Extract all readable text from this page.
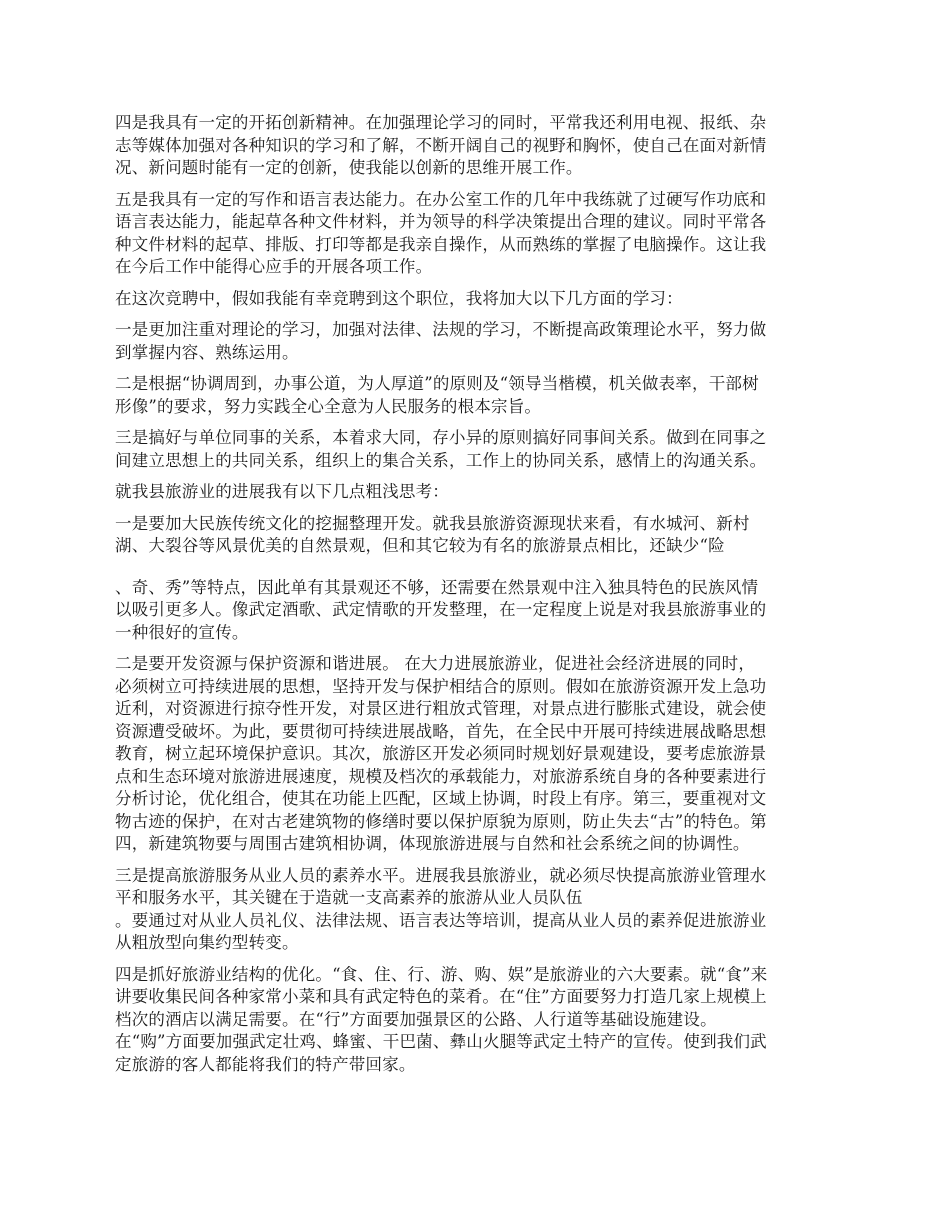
四是我具有一定的开拓创新精神。在加强理论学习的同时，平常我还利用电视、报纸、杂
志等媒体加强对各种知识的学习和了解，不断开阔自己的视野和胸怀，使自己在面对新情
况、新问题时能有一定的创新，使我能以创新的思维开展工作。
五是我具有一定的写作和语言表达能力。在办公室工作的几年中我练就了过硬写作功底和
语言表达能力，能起草各种文件材料，并为领导的科学决策提出合理的建议。同时平常各
种文件材料的起草、排版、打印等都是我亲自操作，从而熟练的掌握了电脑操作。这让我
在今后工作中能得心应手的开展各项工作。
在这次竞聘中，假如我能有幸竞聘到这个职位，我将加大以下几方面的学习：
一是更加注重对理论的学习，加强对法律、法规的学习，不断提高政策理论水平，努力做
到掌握内容、熟练运用。
二是根据“协调周到，办事公道，为人厚道”的原则及“领导当楷模，机关做表率，干部树
形像”的要求，努力实践全心全意为人民服务的根本宗旨。
三是搞好与单位同事的关系，本着求大同，存小异的原则搞好同事间关系。做到在同事之
间建立思想上的共同关系，组织上的集合关系，工作上的协同关系，感情上的沟通关系。
就我县旅游业的进展我有以下几点粗浅思考：
一是要加大民族传统文化的挖掘整理开发。就我县旅游资源现状来看，有水城河、新村
湖、大裂谷等风景优美的自然景观，但和其它较为有名的旅游景点相比，还缺少“险
、奇、秀”等特点，因此单有其景观还不够，还需要在然景观中注入独具特色的民族风情
以吸引更多人。像武定酒歌、武定情歌的开发整理，在一定程度上说是对我县旅游事业的
一种很好的宣传。
二是要开发资源与保护资源和谐进展。 在大力进展旅游业，促进社会经济进展的同时，
必须树立可持续进展的思想，坚持开发与保护相结合的原则。假如在旅游资源开发上急功
近利，对资源进行掠夺性开发，对景区进行粗放式管理，对景点进行膨胀式建设，就会使
资源遭受破坏。为此，要贯彻可持续进展战略，首先，在全民中开展可持续进展战略思想
教育，树立起环境保护意识。其次，旅游区开发必须同时规划好景观建设，要考虑旅游景
点和生态环境对旅游进展速度，规模及档次的承载能力，对旅游系统自身的各种要素进行
分析讨论，优化组合，使其在功能上匹配，区域上协调，时段上有序。第三，要重视对文
物古迹的保护，在对古老建筑物的修缮时要以保护原貌为原则，防止失去“古”的特色。第
四，新建筑物要与周围古建筑相协调，体现旅游进展与自然和社会系统之间的协调性。
三是提高旅游服务从业人员的素养水平。进展我县旅游业，就必须尽快提高旅游业管理水
平和服务水平，其关键在于造就一支高素养的旅游从业人员队伍
。要通过对从业人员礼仪、法律法规、语言表达等培训，提高从业人员的素养促进旅游业
从粗放型向集约型转变。
四是抓好旅游业结构的优化。“食、住、行、游、购、娱”是旅游业的六大要素。就“食”来
讲要收集民间各种家常小菜和具有武定特色的菜肴。在“住”方面要努力打造几家上规模上
档次的酒店以满足需要。在“行”方面要加强景区的公路、人行道等基础设施建设。
在“购”方面要加强武定壮鸡、蜂蜜、干巴菌、彝山火腿等武定土特产的宣传。使到我们武
定旅游的客人都能将我们的特产带回家。
